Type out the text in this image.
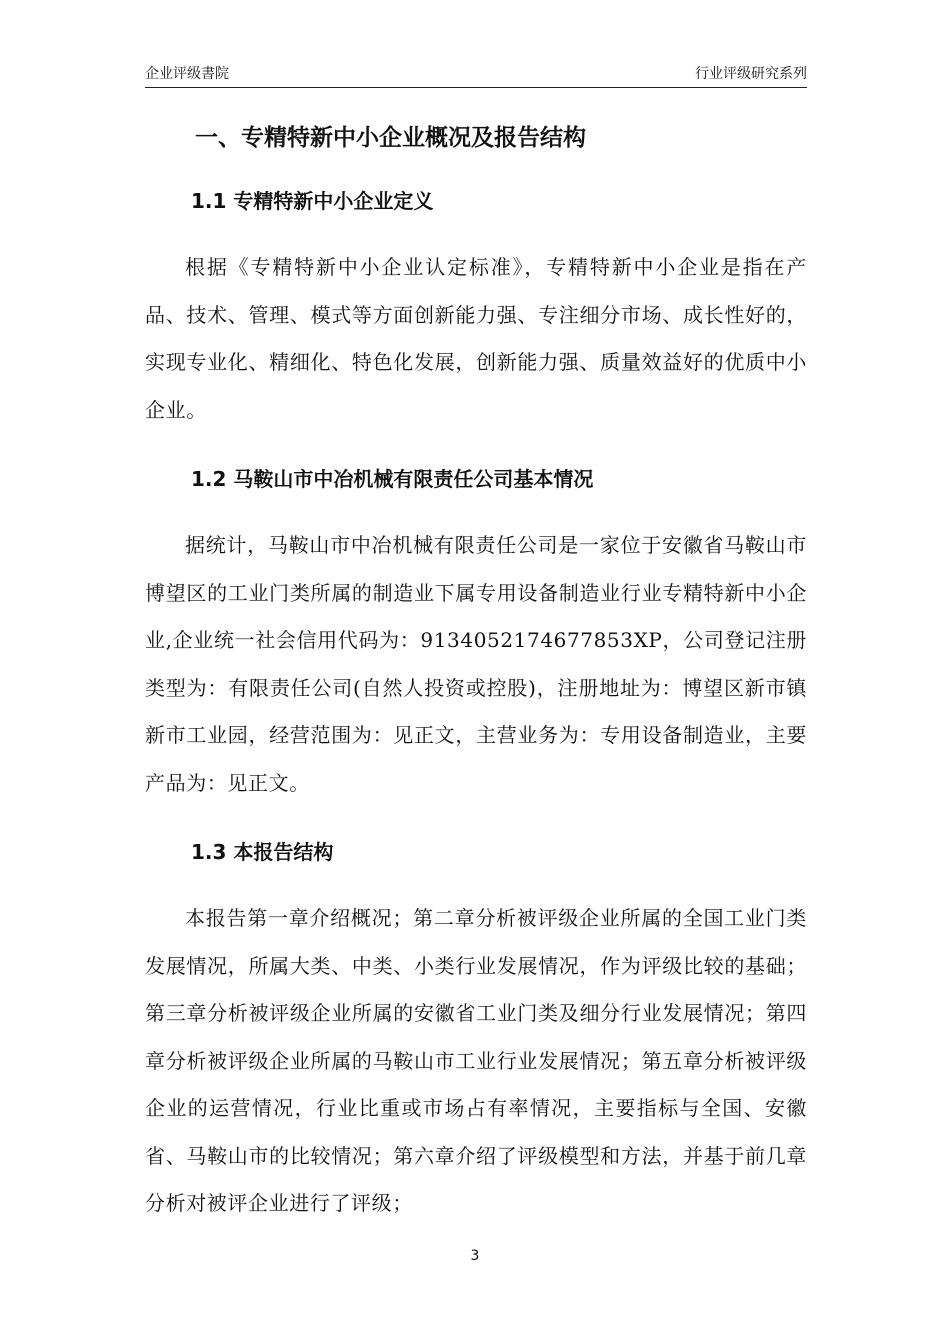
企业评级書院	行业评级研究系列
一、专精特新中小企业概况及报告结构
1.1 专精特新中小企业定义

根据《专精特新中小企业认定标准》，专精特新中小企业是指在产品、技术、管理、模式等方面创新能力强、专注细分市场、成长性好的，实现专业化、精细化、特色化发展，创新能力强、质量效益好的优质中小企业。

1.2 马鞍山市中冶机械有限责任公司基本情况

据统计，马鞍山市中冶机械有限责任公司是一家位于安徽省马鞍山市博望区的工业门类所属的制造业下属专用设备制造业行业专精特新中小企业,企业统一社会信用代码为：9134052174677853XP，公司登记注册类型为：有限责任公司(自然人投资或控股)，注册地址为：博望区新市镇新市工业园，经营范围为：见正文，主营业务为：专用设备制造业，主要产品为：见正文。

1.3 本报告结构

本报告第一章介绍概况；第二章分析被评级企业所属的全国工业门类发展情况，所属大类、中类、小类行业发展情况，作为评级比较的基础；第三章分析被评级企业所属的安徽省工业门类及细分行业发展情况；第四章分析被评级企业所属的马鞍山市工业行业发展情况；第五章分析被评级企业的运营情况，行业比重或市场占有率情况，主要指标与全国、安徽省、马鞍山市的比较情况；第六章介绍了评级模型和方法，并基于前几章分析对被评企业进行了评级；

3
